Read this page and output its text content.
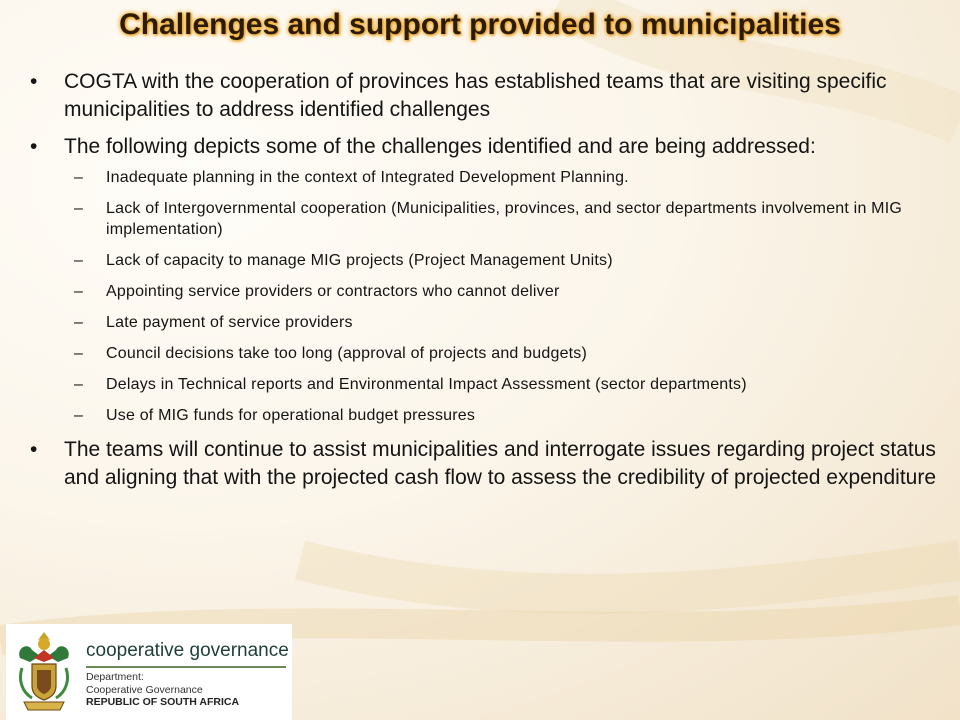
Challenges and support provided to municipalities
• COGTA with the cooperation of provinces has established teams that are visiting specific municipalities to address identified challenges
• The following depicts some of the challenges identified and are being addressed:
– Inadequate planning in the context of Integrated Development Planning.
– Lack of Intergovernmental cooperation (Municipalities, provinces, and sector departments involvement in MIG implementation)
– Lack of capacity to manage MIG projects (Project Management Units)
– Appointing service providers or contractors who cannot deliver
– Late payment of service providers
– Council decisions take too long (approval of projects and budgets)
– Delays in Technical reports and Environmental Impact Assessment (sector departments)
– Use of MIG funds for operational budget pressures
• The teams will continue to assist municipalities and interrogate issues regarding project status and aligning that with the projected cash flow to assess the credibility of projected expenditure
cooperative governance
Department:
Cooperative Governance
REPUBLIC OF SOUTH AFRICA
